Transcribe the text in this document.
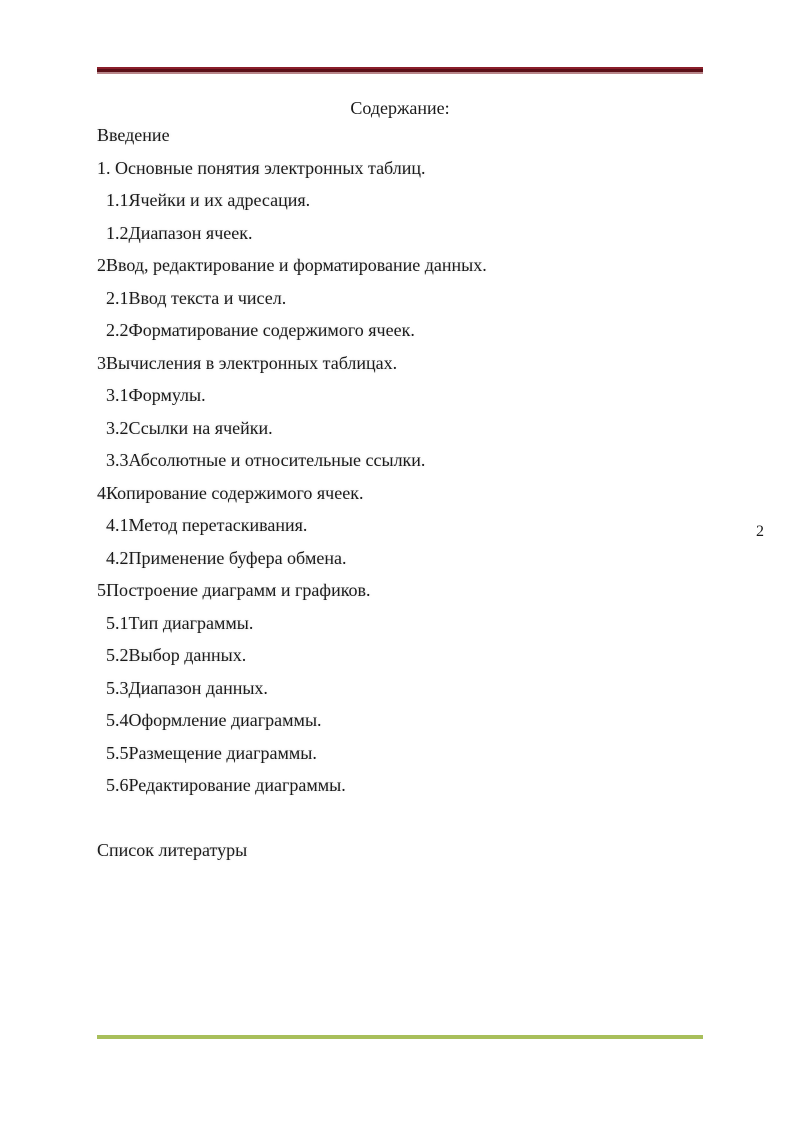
Содержание:
Введение
1. Основные понятия электронных таблиц.
1.1Ячейки и их адресация.
1.2Диапазон ячеек.
2Ввод, редактирование и форматирование данных.
2.1Ввод текста и чисел.
2.2Форматирование содержимого ячеек.
3Вычисления в электронных таблицах.
3.1Формулы.
3.2Ссылки на ячейки.
3.3Абсолютные и относительные ссылки.
4Копирование содержимого ячеек.
4.1Метод перетаскивания.
4.2Применение буфера обмена.
5Построение диаграмм и графиков.
5.1Тип диаграммы.
5.2Выбор данных.
5.3Диапазон данных.
5.4Оформление диаграммы.
5.5Размещение диаграммы.
5.6Редактирование диаграммы.
Список литературы
2
